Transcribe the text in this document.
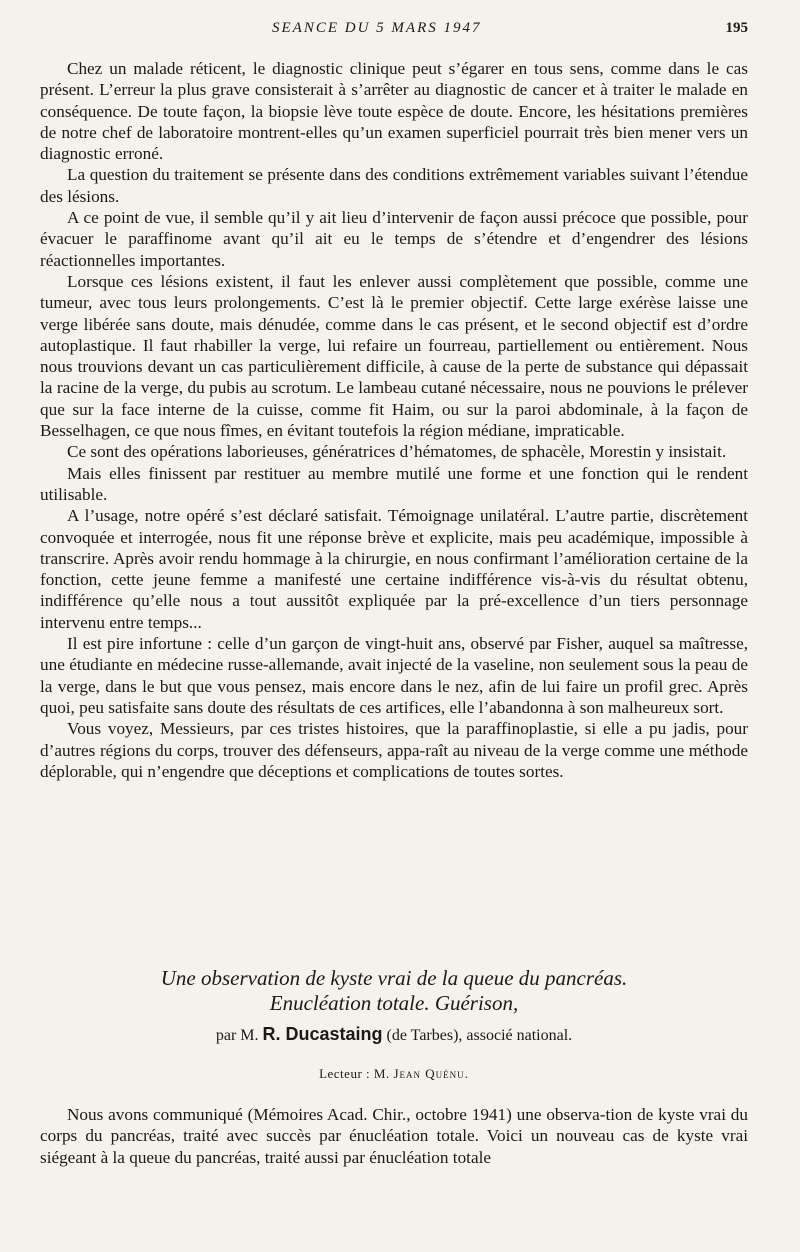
SEANCE DU 5 MARS 1947	195

Chez un malade réticent, le diagnostic clinique peut s’égarer en tous sens, comme dans le cas présent. L’erreur la plus grave consisterait à s’arrêter au diagnostic de cancer et à traiter le malade en conséquence. De toute façon, la biopsie lève toute espèce de doute. Encore, les hésitations premières de notre chef de laboratoire montrent-elles qu’un examen superficiel pourrait très bien mener vers un diagnostic erroné.

La question du traitement se présente dans des conditions extrêmement variables suivant l’étendue des lésions.

A ce point de vue, il semble qu’il y ait lieu d’intervenir de façon aussi précoce que possible, pour évacuer le paraffinome avant qu’il ait eu le temps de s’étendre et d’engendrer des lésions réactionnelles importantes.

Lorsque ces lésions existent, il faut les enlever aussi complètement que possible, comme une tumeur, avec tous leurs prolongements. C’est là le premier objectif. Cette large exérèse laisse une verge libérée sans doute, mais dénudée, comme dans le cas présent, et le second objectif est d’ordre autoplastique. Il faut rhabiller la verge, lui refaire un fourreau, partiellement ou entièrement. Nous nous trouvions devant un cas particulièrement difficile, à cause de la perte de substance qui dépassait la racine de la verge, du pubis au scrotum. Le lambeau cutané nécessaire, nous ne pouvions le prélever que sur la face interne de la cuisse, comme fit Haim, ou sur la paroi abdominale, à la façon de Besselhagen, ce que nous fîmes, en évitant toutefois la région médiane, impraticable.

Ce sont des opérations laborieuses, génératrices d’hématomes, de sphacèle, Morestin y insistait.

Mais elles finissent par restituer au membre mutilé une forme et une fonction qui le rendent utilisable.

A l’usage, notre opéré s’est déclaré satisfait. Témoignage unilatéral. L’autre partie, discrètement convoquée et interrogée, nous fit une réponse brève et explicite, mais peu académique, impossible à transcrire. Après avoir rendu hommage à la chirurgie, en nous confirmant l’amélioration certaine de la fonction, cette jeune femme a manifesté une certaine indifférence vis-à-vis du résultat obtenu, indifférence qu’elle nous a tout aussitôt expliquée par la pré-excellence d’un tiers personnage intervenu entre temps...

Il est pire infortune : celle d’un garçon de vingt-huit ans, observé par Fisher, auquel sa maîtresse, une étudiante en médecine russe-allemande, avait injecté de la vaseline, non seulement sous la peau de la verge, dans le but que vous pensez, mais encore dans le nez, afin de lui faire un profil grec. Après quoi, peu satisfaite sans doute des résultats de ces artifices, elle l’abandonna à son malheureux sort.

Vous voyez, Messieurs, par ces tristes histoires, que la paraffinoplastie, si elle a pu jadis, pour d’autres régions du corps, trouver des défenseurs, appa-raît au niveau de la verge comme une méthode déplorable, qui n’engendre que déceptions et complications de toutes sortes.

Une observation de kyste vrai de la queue du pancréas.
Enucléation totale. Guérison,
par M. R. Ducastaing (de Tarbes), associé national.
Lecteur : M. Jean Quénu.

Nous avons communiqué (Mémoires Acad. Chir., octobre 1941) une observa-tion de kyste vrai du corps du pancréas, traité avec succès par énucléation totale. Voici un nouveau cas de kyste vrai siégeant à la queue du pancréas, traité aussi par énucléation totale
